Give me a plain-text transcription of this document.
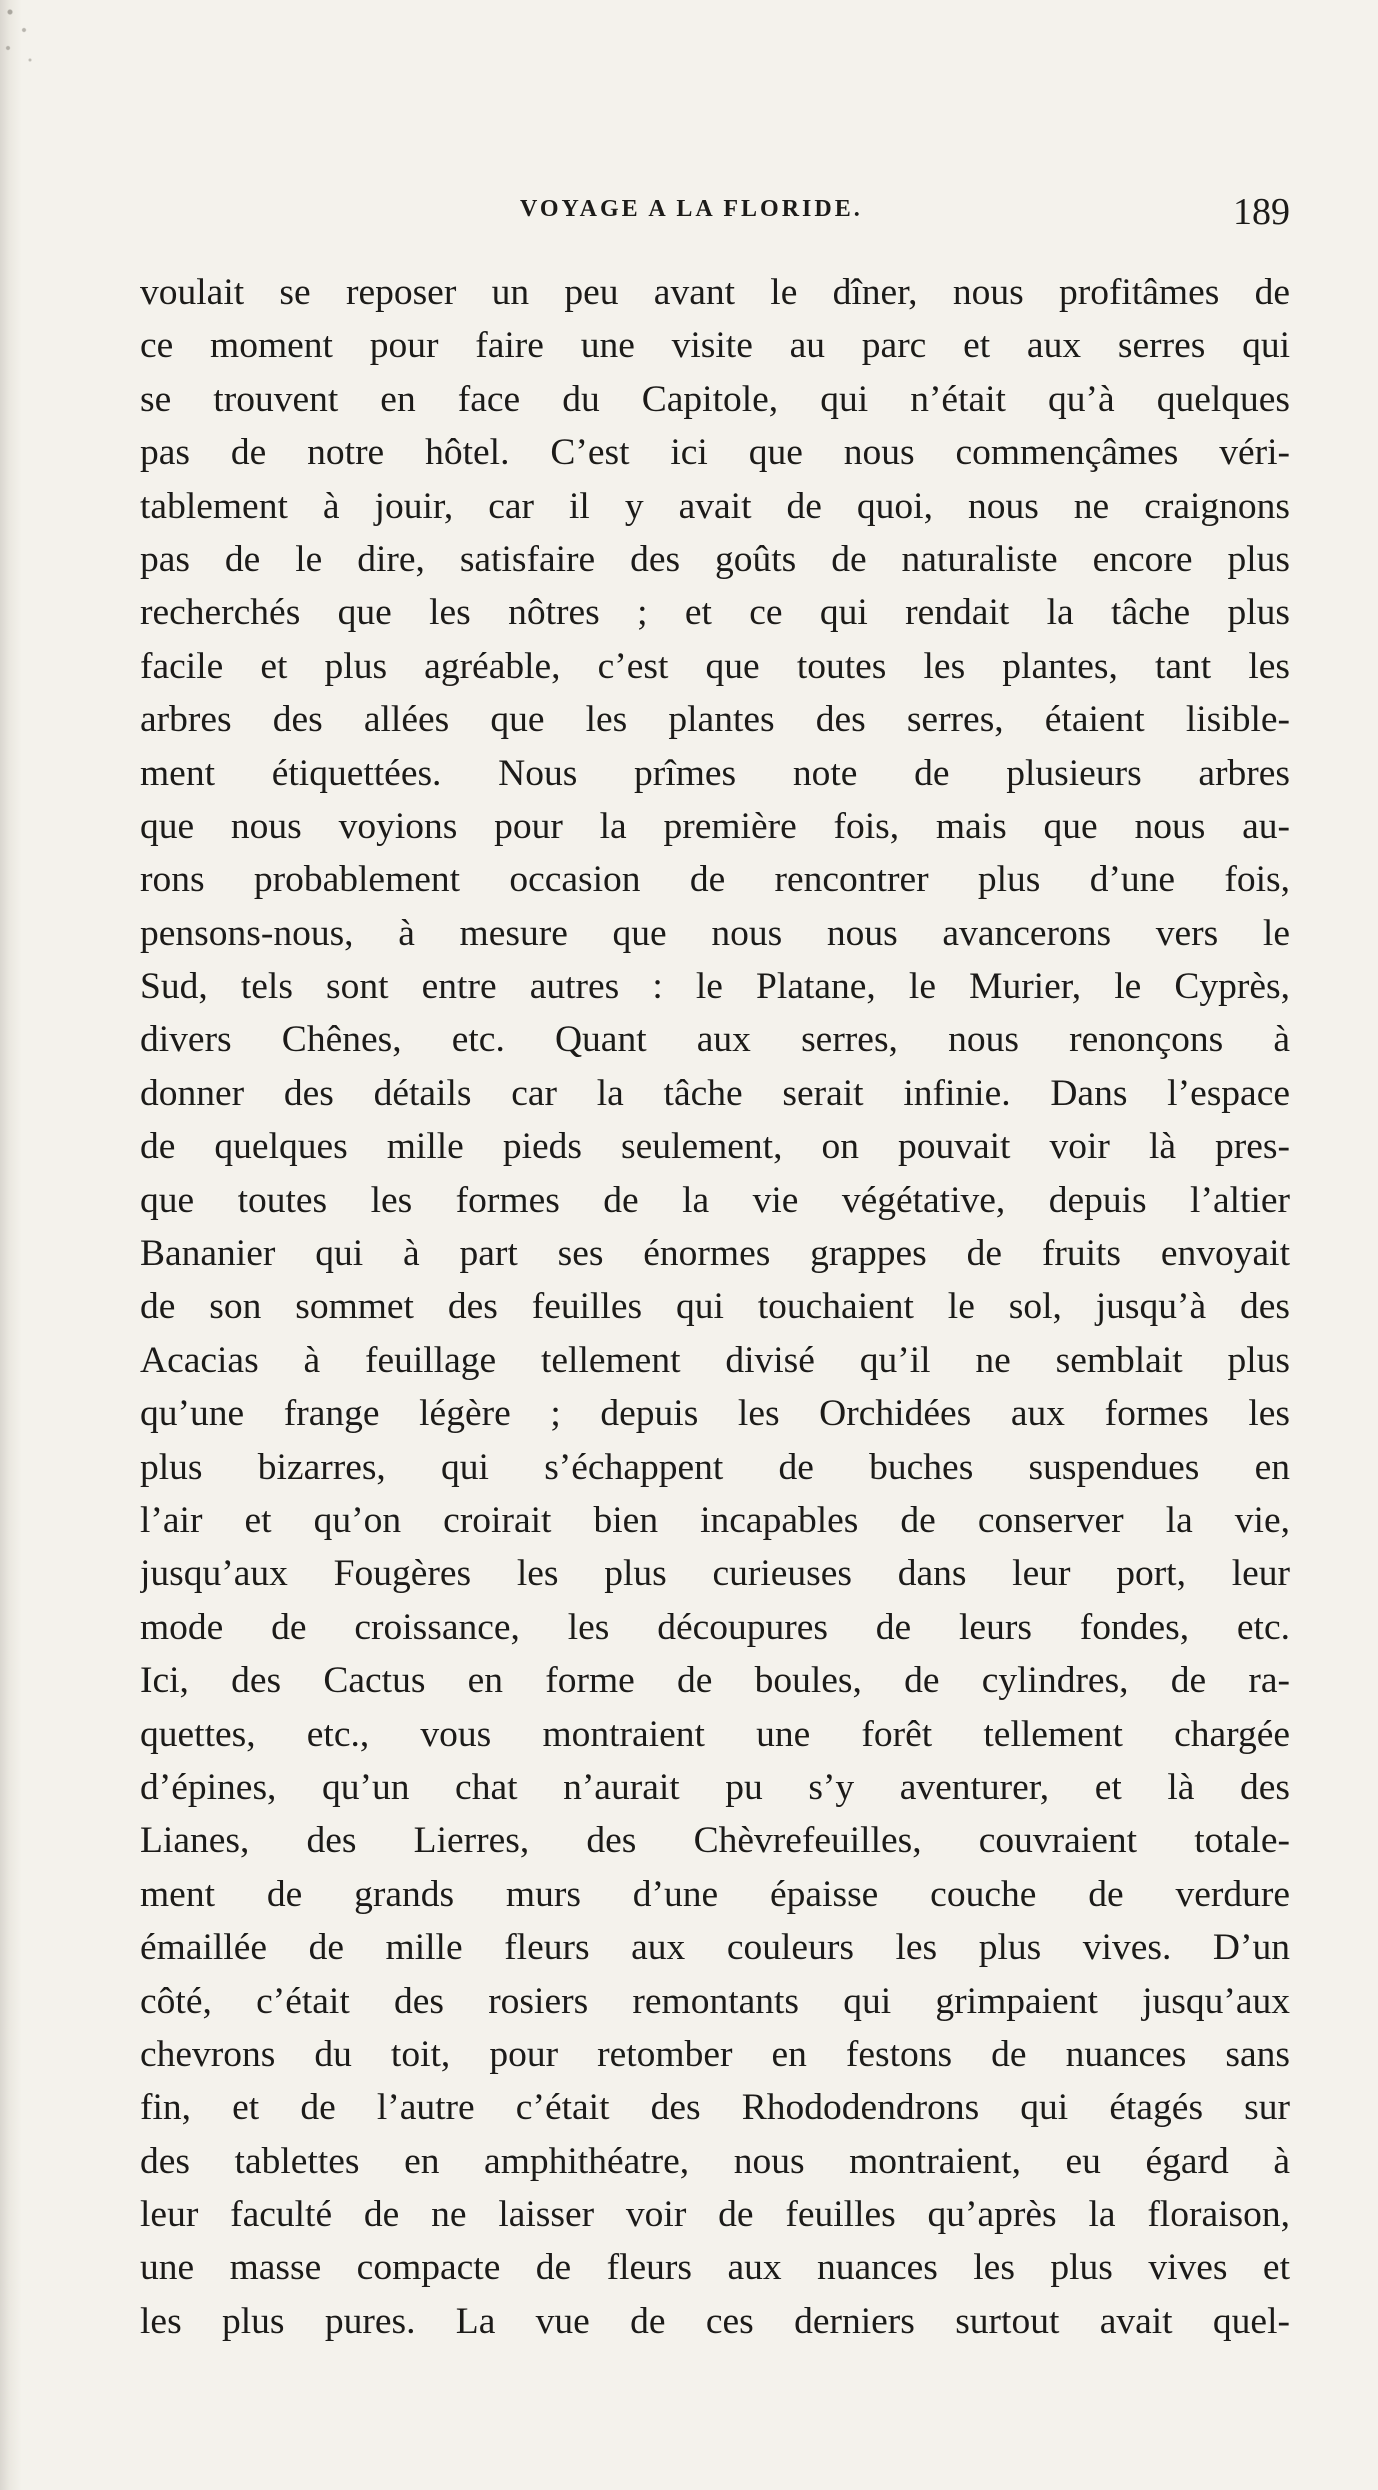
VOYAGE A LA FLORIDE.	189
voulait se reposer un peu avant le dîner, nous profitâmes de
ce moment pour faire une visite au parc et aux serres qui
se trouvent en face du Capitole, qui n’était qu’à quelques
pas de notre hôtel. C’est ici que nous commençâmes véri-
tablement à jouir, car il y avait de quoi, nous ne craignons
pas de le dire, satisfaire des goûts de naturaliste encore plus
recherchés que les nôtres ; et ce qui rendait la tâche plus
facile et plus agréable, c’est que toutes les plantes, tant les
arbres des allées que les plantes des serres, étaient lisible-
ment étiquettées. Nous prîmes note de plusieurs arbres
que nous voyions pour la première fois, mais que nous au-
rons probablement occasion de rencontrer plus d’une fois,
pensons-nous, à mesure que nous nous avancerons vers le
Sud, tels sont entre autres : le Platane, le Murier, le Cyprès,
divers Chênes, etc. Quant aux serres, nous renonçons à
donner des détails car la tâche serait infinie. Dans l’espace
de quelques mille pieds seulement, on pouvait voir là pres-
que toutes les formes de la vie végétative, depuis l’altier
Bananier qui à part ses énormes grappes de fruits envoyait
de son sommet des feuilles qui touchaient le sol, jusqu’à des
Acacias à feuillage tellement divisé qu’il ne semblait plus
qu’une frange légère ; depuis les Orchidées aux formes les
plus bizarres, qui s’échappent de buches suspendues en
l’air et qu’on croirait bien incapables de conserver la vie,
jusqu’aux Fougères les plus curieuses dans leur port, leur
mode de croissance, les découpures de leurs fondes, etc.
Ici, des Cactus en forme de boules, de cylindres, de ra-
quettes, etc., vous montraient une forêt tellement chargée
d’épines, qu’un chat n’aurait pu s’y aventurer, et là des
Lianes, des Lierres, des Chèvrefeuilles, couvraient totale-
ment de grands murs d’une épaisse couche de verdure
émaillée de mille fleurs aux couleurs les plus vives. D’un
côté, c’était des rosiers remontants qui grimpaient jusqu’aux
chevrons du toit, pour retomber en festons de nuances sans
fin, et de l’autre c’était des Rhododendrons qui étagés sur
des tablettes en amphithéatre, nous montraient, eu égard à
leur faculté de ne laisser voir de feuilles qu’après la floraison,
une masse compacte de fleurs aux nuances les plus vives et
les plus pures. La vue de ces derniers surtout avait quel-
